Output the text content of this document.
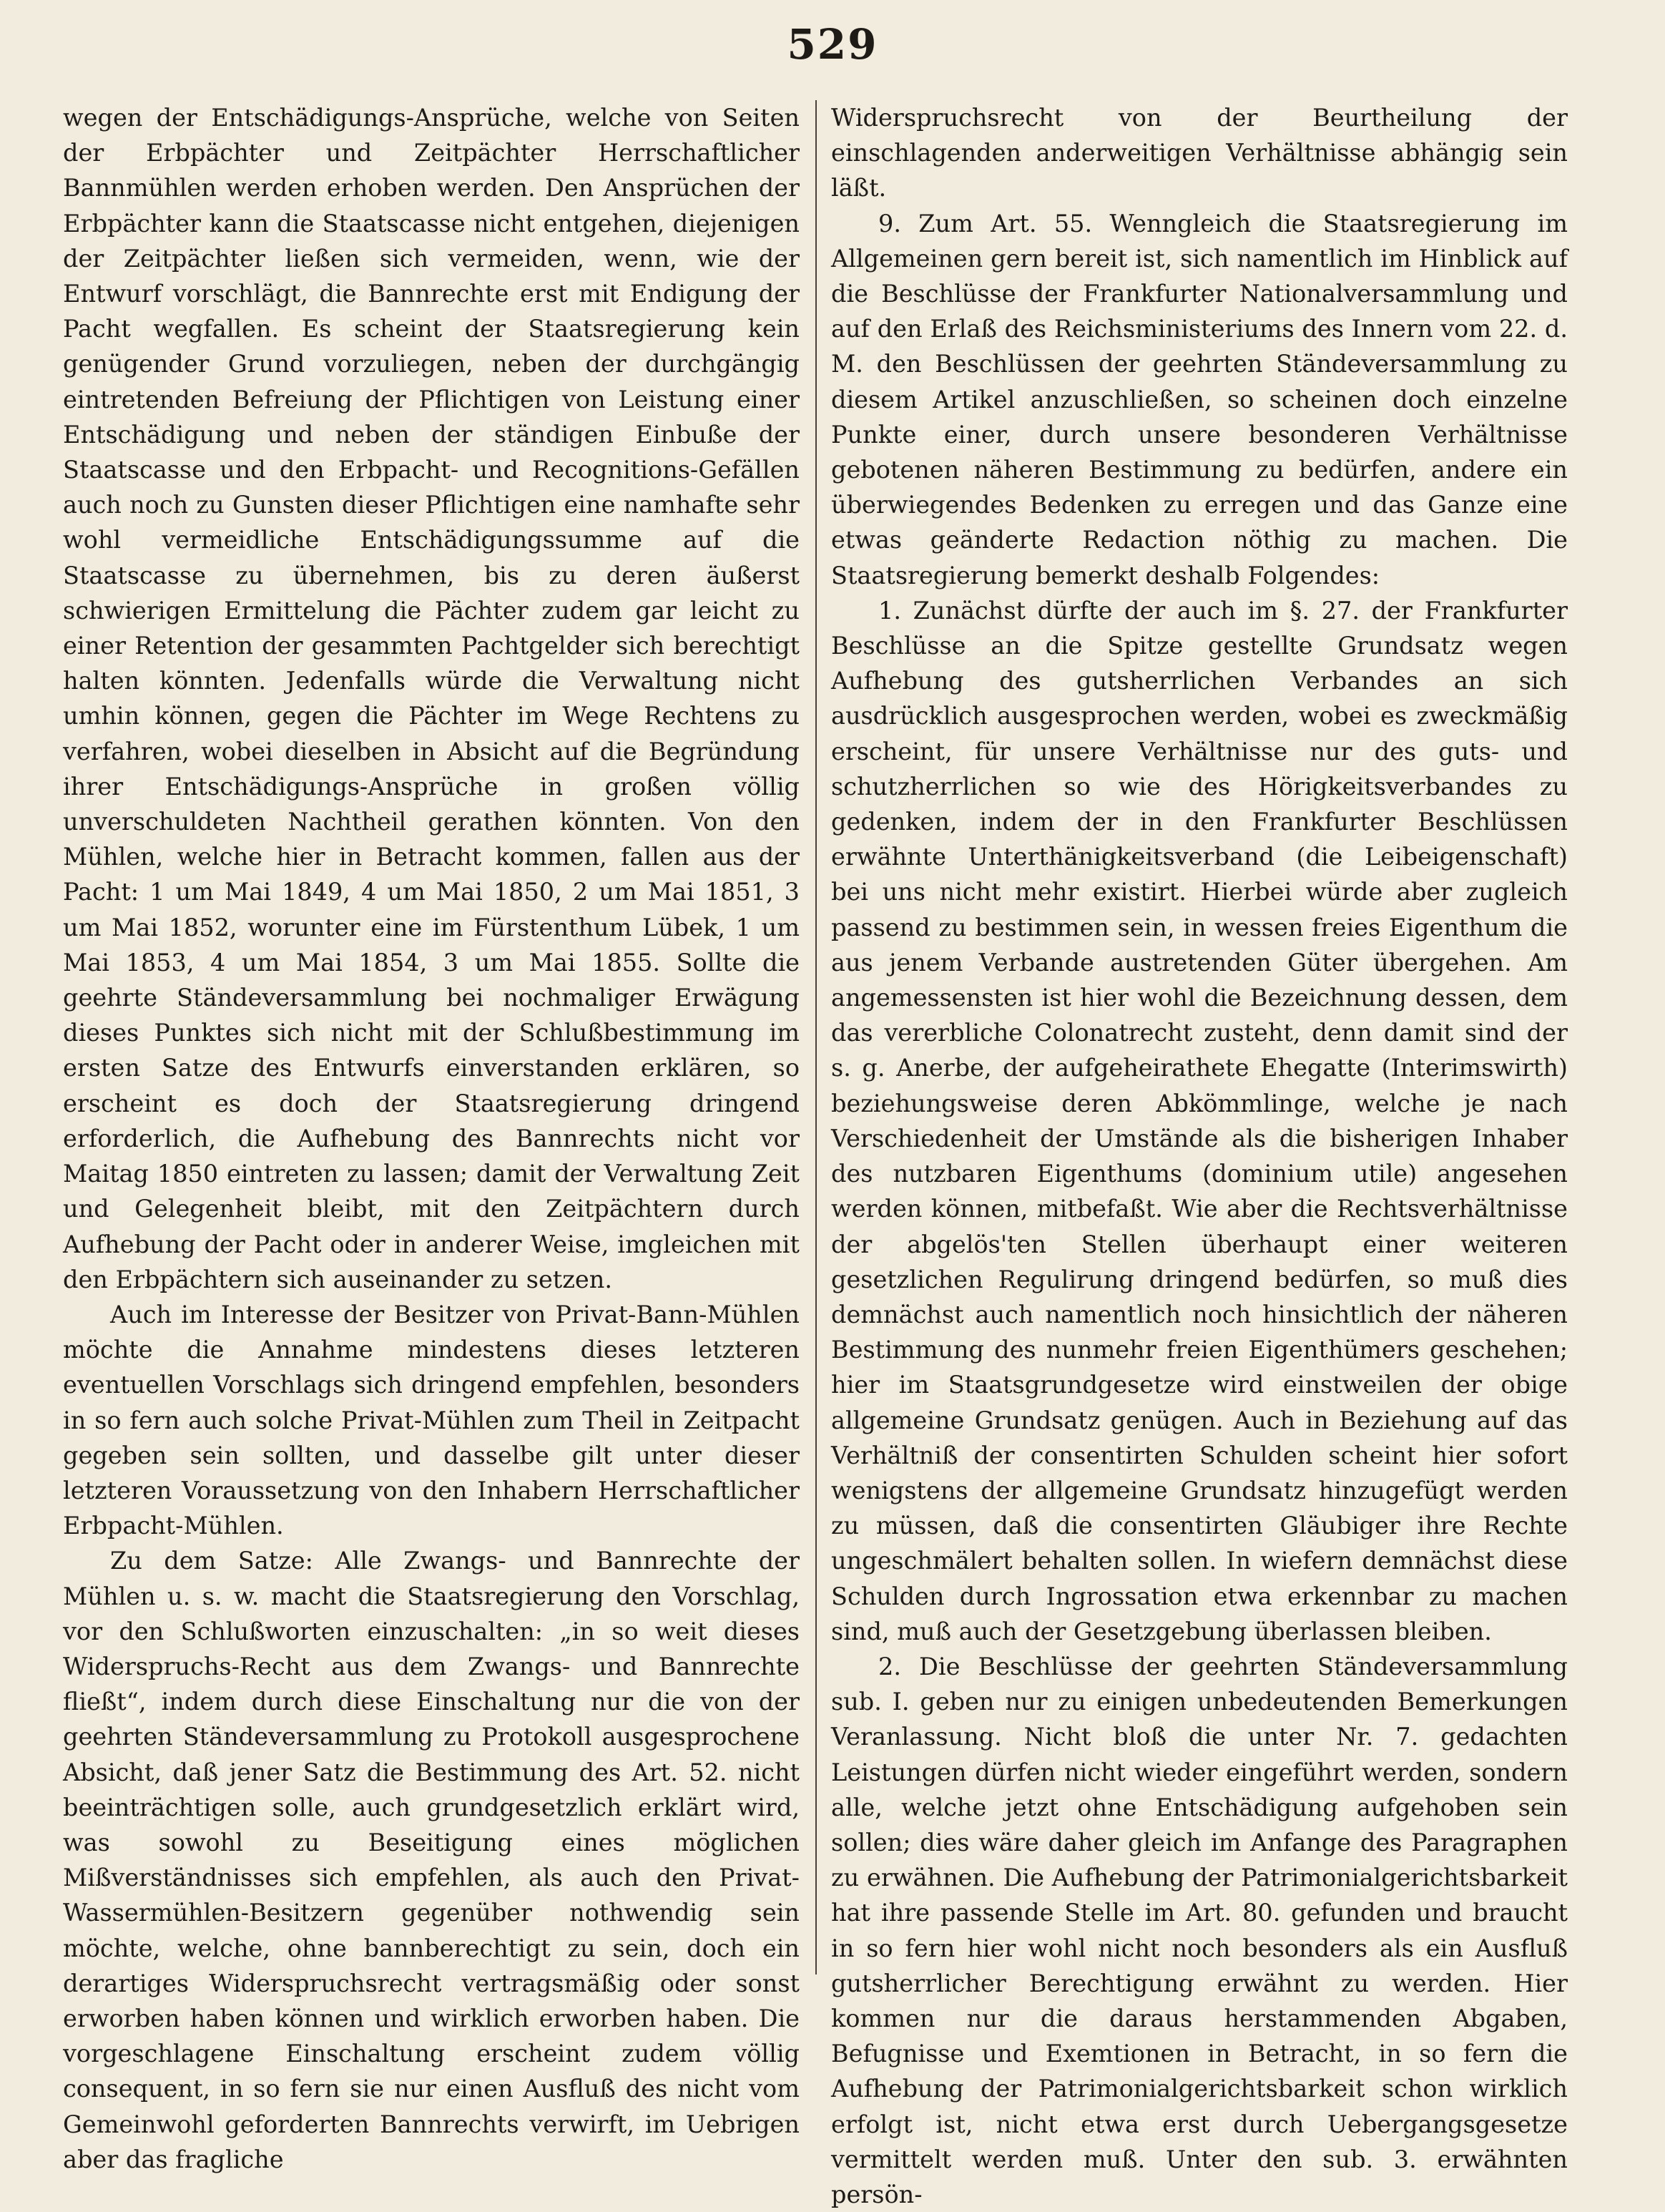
529

wegen der Entschädigungs-Ansprüche, welche von Seiten der Erbpächter und Zeitpächter Herrschaftlicher Bannmühlen werden erhoben werden. Den Ansprüchen der Erbpächter kann die Staatscasse nicht entgehen, diejenigen der Zeitpächter ließen sich vermeiden, wenn, wie der Entwurf vorschlägt, die Bannrechte erst mit Endigung der Pacht wegfallen. Es scheint der Staatsregierung kein genügender Grund vorzuliegen, neben der durchgängig eintretenden Befreiung der Pflichtigen von Leistung einer Entschädigung und neben der ständigen Einbuße der Staatscasse und den Erbpacht- und Recognitions-Gefällen auch noch zu Gunsten dieser Pflichtigen eine namhafte sehr wohl vermeidliche Entschädigungssumme auf die Staatscasse zu übernehmen, bis zu deren äußerst schwierigen Ermittelung die Pächter zudem gar leicht zu einer Retention der gesammten Pachtgelder sich berechtigt halten könnten. Jedenfalls würde die Verwaltung nicht umhin können, gegen die Pächter im Wege Rechtens zu verfahren, wobei dieselben in Absicht auf die Begründung ihrer Entschädigungs-Ansprüche in großen völlig unverschuldeten Nachtheil gerathen könnten. Von den Mühlen, welche hier in Betracht kommen, fallen aus der Pacht: 1 um Mai 1849, 4 um Mai 1850, 2 um Mai 1851, 3 um Mai 1852, worunter eine im Fürstenthum Lübek, 1 um Mai 1853, 4 um Mai 1854, 3 um Mai 1855. Sollte die geehrte Ständeversammlung bei nochmaliger Erwägung dieses Punktes sich nicht mit der Schlußbestimmung im ersten Satze des Entwurfs einverstanden erklären, so erscheint es doch der Staatsregierung dringend erforderlich, die Aufhebung des Bannrechts nicht vor Maitag 1850 eintreten zu lassen; damit der Verwaltung Zeit und Gelegenheit bleibt, mit den Zeitpächtern durch Aufhebung der Pacht oder in anderer Weise, imgleichen mit den Erbpächtern sich auseinander zu setzen.

Auch im Interesse der Besitzer von Privat-Bann-Mühlen möchte die Annahme mindestens dieses letzteren eventuellen Vorschlags sich dringend empfehlen, besonders in so fern auch solche Privat-Mühlen zum Theil in Zeitpacht gegeben sein sollten, und dasselbe gilt unter dieser letzteren Voraussetzung von den Inhabern Herrschaftlicher Erbpacht-Mühlen.

Zu dem Satze: Alle Zwangs- und Bannrechte der Mühlen u. s. w. macht die Staatsregierung den Vorschlag, vor den Schlußworten einzuschalten: „in so weit dieses Widerspruchs-Recht aus dem Zwangs- und Bannrechte fließt“, indem durch diese Einschaltung nur die von der geehrten Ständeversammlung zu Protokoll ausgesprochene Absicht, daß jener Satz die Bestimmung des Art. 52. nicht beeinträchtigen solle, auch grundgesetzlich erklärt wird, was sowohl zu Beseitigung eines möglichen Mißverständnisses sich empfehlen, als auch den Privat-Wassermühlen-Besitzern gegenüber nothwendig sein möchte, welche, ohne bannberechtigt zu sein, doch ein derartiges Widerspruchsrecht vertragsmäßig oder sonst erworben haben können und wirklich erworben haben. Die vorgeschlagene Einschaltung erscheint zudem völlig consequent, in so fern sie nur einen Ausfluß des nicht vom Gemeinwohl geforderten Bannrechts verwirft, im Uebrigen aber das fragliche

Widerspruchsrecht von der Beurtheilung der einschlagenden anderweitigen Verhältnisse abhängig sein läßt.

9. Zum Art. 55. Wenngleich die Staatsregierung im Allgemeinen gern bereit ist, sich namentlich im Hinblick auf die Beschlüsse der Frankfurter Nationalversammlung und auf den Erlaß des Reichsministeriums des Innern vom 22. d. M. den Beschlüssen der geehrten Ständeversammlung zu diesem Artikel anzuschließen, so scheinen doch einzelne Punkte einer, durch unsere besonderen Verhältnisse gebotenen näheren Bestimmung zu bedürfen, andere ein überwiegendes Bedenken zu erregen und das Ganze eine etwas geänderte Redaction nöthig zu machen. Die Staatsregierung bemerkt deshalb Folgendes:

1. Zunächst dürfte der auch im §. 27. der Frankfurter Beschlüsse an die Spitze gestellte Grundsatz wegen Aufhebung des gutsherrlichen Verbandes an sich ausdrücklich ausgesprochen werden, wobei es zweckmäßig erscheint, für unsere Verhältnisse nur des guts- und schutzherrlichen so wie des Hörigkeitsverbandes zu gedenken, indem der in den Frankfurter Beschlüssen erwähnte Unterthänigkeitsverband (die Leibeigenschaft) bei uns nicht mehr existirt. Hierbei würde aber zugleich passend zu bestimmen sein, in wessen freies Eigenthum die aus jenem Verbande austretenden Güter übergehen. Am angemessensten ist hier wohl die Bezeichnung dessen, dem das vererbliche Colonatrecht zusteht, denn damit sind der s. g. Anerbe, der aufgeheirathete Ehegatte (Interimswirth) beziehungsweise deren Abkömmlinge, welche je nach Verschiedenheit der Umstände als die bisherigen Inhaber des nutzbaren Eigenthums (dominium utile) angesehen werden können, mitbefaßt. Wie aber die Rechtsverhältnisse der abgelös'ten Stellen überhaupt einer weiteren gesetzlichen Regulirung dringend bedürfen, so muß dies demnächst auch namentlich noch hinsichtlich der näheren Bestimmung des nunmehr freien Eigenthümers geschehen; hier im Staatsgrundgesetze wird einstweilen der obige allgemeine Grundsatz genügen. Auch in Beziehung auf das Verhältniß der consentirten Schulden scheint hier sofort wenigstens der allgemeine Grundsatz hinzugefügt werden zu müssen, daß die consentirten Gläubiger ihre Rechte ungeschmälert behalten sollen. In wiefern demnächst diese Schulden durch Ingrossation etwa erkennbar zu machen sind, muß auch der Gesetzgebung überlassen bleiben.

2. Die Beschlüsse der geehrten Ständeversammlung sub. I. geben nur zu einigen unbedeutenden Bemerkungen Veranlassung. Nicht bloß die unter Nr. 7. gedachten Leistungen dürfen nicht wieder eingeführt werden, sondern alle, welche jetzt ohne Entschädigung aufgehoben sein sollen; dies wäre daher gleich im Anfange des Paragraphen zu erwähnen. Die Aufhebung der Patrimonialgerichtsbarkeit hat ihre passende Stelle im Art. 80. gefunden und braucht in so fern hier wohl nicht noch besonders als ein Ausfluß gutsherrlicher Berechtigung erwähnt zu werden. Hier kommen nur die daraus herstammenden Abgaben, Befugnisse und Exemtionen in Betracht, in so fern die Aufhebung der Patrimonialgerichtsbarkeit schon wirklich erfolgt ist, nicht etwa erst durch Uebergangsgesetze vermittelt werden muß. Unter den sub. 3. erwähnten persön-
